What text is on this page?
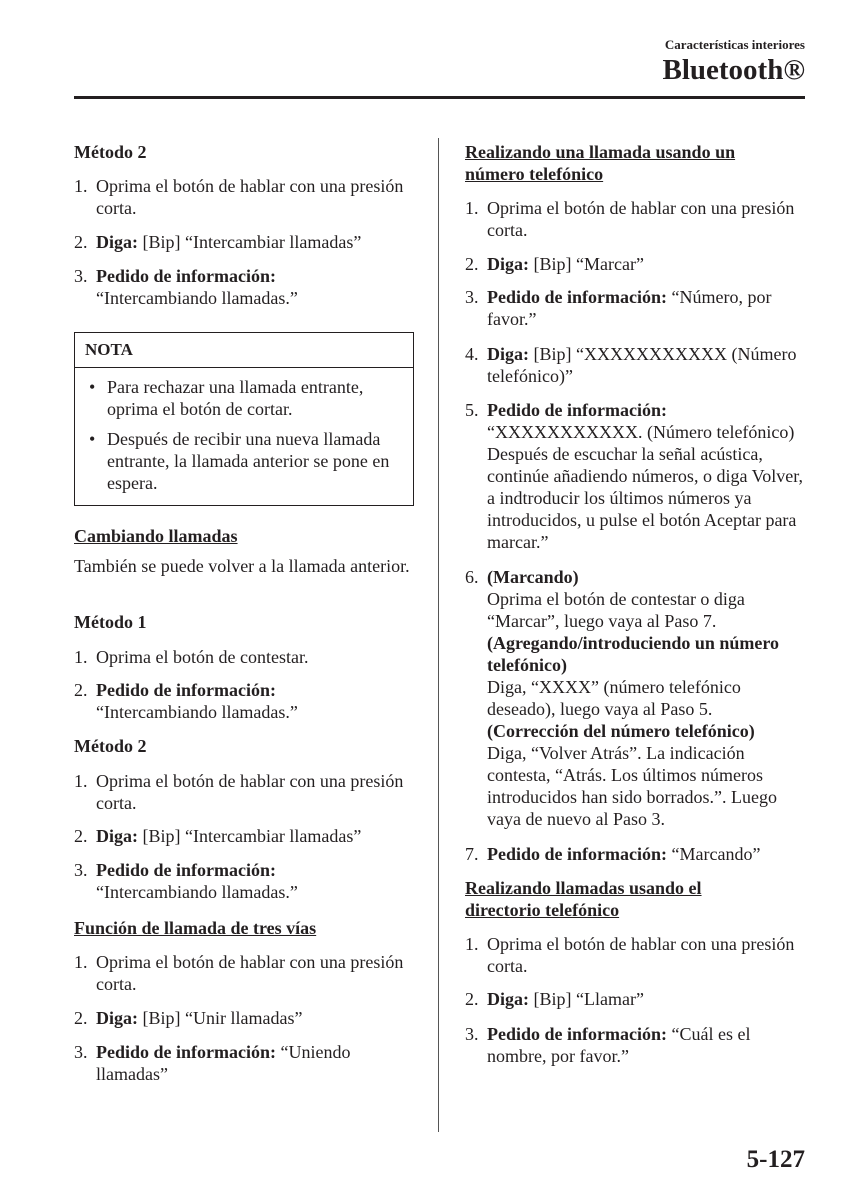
Características interiores
Bluetooth®
Método 2
1. Oprima el botón de hablar con una presión corta.
2. Diga: [Bip] “Intercambiar llamadas”
3. Pedido de información:
“Intercambiando llamadas.”
NOTA
• Para rechazar una llamada entrante, oprima el botón de cortar.
• Después de recibir una nueva llamada entrante, la llamada anterior se pone en espera.
Cambiando llamadas
También se puede volver a la llamada anterior.
Método 1
1. Oprima el botón de contestar.
2. Pedido de información:
“Intercambiando llamadas.”
Método 2
1. Oprima el botón de hablar con una presión corta.
2. Diga: [Bip] “Intercambiar llamadas”
3. Pedido de información:
“Intercambiando llamadas.”
Función de llamada de tres vías
1. Oprima el botón de hablar con una presión corta.
2. Diga: [Bip] “Unir llamadas”
3. Pedido de información: “Uniendo llamadas”
Realizando una llamada usando un número telefónico
1. Oprima el botón de hablar con una presión corta.
2. Diga: [Bip] “Marcar”
3. Pedido de información: “Número, por favor.”
4. Diga: [Bip] “XXXXXXXXXXX (Número telefónico)”
5. Pedido de información:
“XXXXXXXXXXX. (Número telefónico) Después de escuchar la señal acústica, continúe añadiendo números, o diga Volver, a indtroducir los últimos números ya introducidos, u pulse el botón Aceptar para marcar.”
6. (Marcando)
Oprima el botón de contestar o diga “Marcar”, luego vaya al Paso 7.
(Agregando/introduciendo un número telefónico)
Diga, “XXXX” (número telefónico deseado), luego vaya al Paso 5.
(Corrección del número telefónico)
Diga, “Volver Atrás”. La indicación contesta, “Atrás. Los últimos números introducidos han sido borrados.”. Luego vaya de nuevo al Paso 3.
7. Pedido de información: “Marcando”
Realizando llamadas usando el directorio telefónico
1. Oprima el botón de hablar con una presión corta.
2. Diga: [Bip] “Llamar”
3. Pedido de información: “Cuál es el nombre, por favor.”
5-127
